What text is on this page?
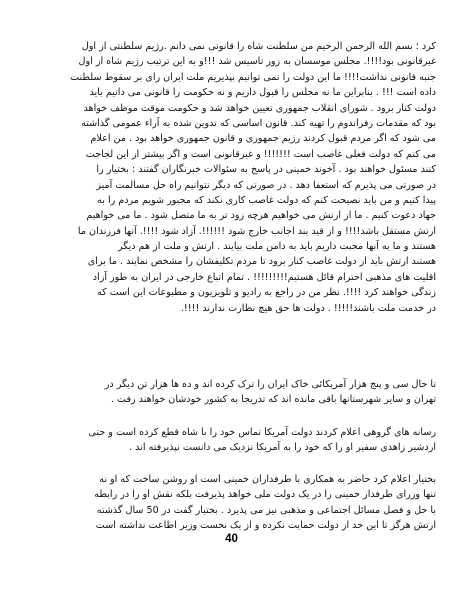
کرد ؛ بسم الله الرحمن الرحیم من سلطنت شاه را قانونی نمی دانم .رژیم سلطنتی از اول
غیرقانونی بود!!!!. مجلس موسسان به زور تاسیس شد !!!و به این ترتیب رژیم شاه از اول
جنبه قانونی نداشت!!!! ما این دولت را نمی توانیم بپذیریم ملت ایران رای بر سقوط سلطنت
داده است !!! . بنابراین ما نه مجلس را قبول داریم و نه حکومت را قانونی می دانیم باید
دولت کنار برود . شورای انقلاب جمهوری تعیین خواهد شد و حکومت موقت موظف خواهد
بود که مقدمات رفراندوم را تهیه کند. قانون اساسی که تدوین شده به آراء عمومی گذاشته
می شود که اگر مردم قبول کردند رژیم جمهوری و قانون جمهوری خواهد بود . من اعلام
می کنم که دولت فعلی غاصب است !!!!!!! و غیرقانونی است و اگر بیشتر از این لجاجت
کنند مسئول خواهند بود . آخوند خمینی در پاسخ به سئوالات خبرنگاران گفتند : بختیار را
در صورتی می پذیرم که استعفا دهد . در صورتی که دیگر نتوانیم راه حل مسالمت آمیز
پیدا کنیم و من باید نصیحت کنم که دولت غاصب کاری نکند که مجبور شویم مردم را به
جهاد دعوت کنیم . ما از ارتش می خواهیم هرچه زود تر به ما متصل شود . ما می خواهیم
ارتش مستقل باشد!!!! و از قید بند اجانب خارج شود !!!!!!. آزاد شود !!!!. آنها فرزندان ما
هستند و ما به آنها محبت داریم باید به دامن ملت بیایند . ارتش و ملت از هم دیگر
هستند ارتش باید از دولت غاصب کنار برود تا مردم تکلیفشان را مشخص نمایند . ما برای
اقلیت های مذهبی احترام قائل هستیم!!!!!!!!! . تمام اتباع خارجی در ایران به طور آزاد
زندگی خواهند کرد !!!!. نظر من در راجع به رادیو و تلویزیون و مطبوعات این است که
در خدمت ملت باشند!!!!! . دولت ها حق هیچ نظارت ندارند !!!!.
تا حال سی و پنج هزار آمریکائی خاک ایران را ترک کرده اند و ده ها هزار تن دیگر در
تهران و سایر شهرستانها باقی مانده اند که تدریجا به کشور خودشان خواهند رفت .
رسانه های گروهی اعلام کردند دولت آمریکا تماس خود را با شاه قطع کرده است و حتی
اردشیر زاهدی سفیر او را که خود را به آمریکا نزدیک می دانست نپذیرفته اند .
بختیار اعلام کرد حاضر به همکاری با طرفداران خمینی است او روشن ساخت که او نه
تنها وزرای طرفدار خمینی را در یک دولت ملی خواهد پذیرفت بلکه نقش او را در رابطه
با حل و فصل مسائل اجتماعی و مذهبی نیز می پذیرد . بختیار گفت در 50 سال گذشته
ارتش هرگز تا این حد از دولت حمایت نکرده و از یک نخست وزیر اطاعت نداشته است
40
